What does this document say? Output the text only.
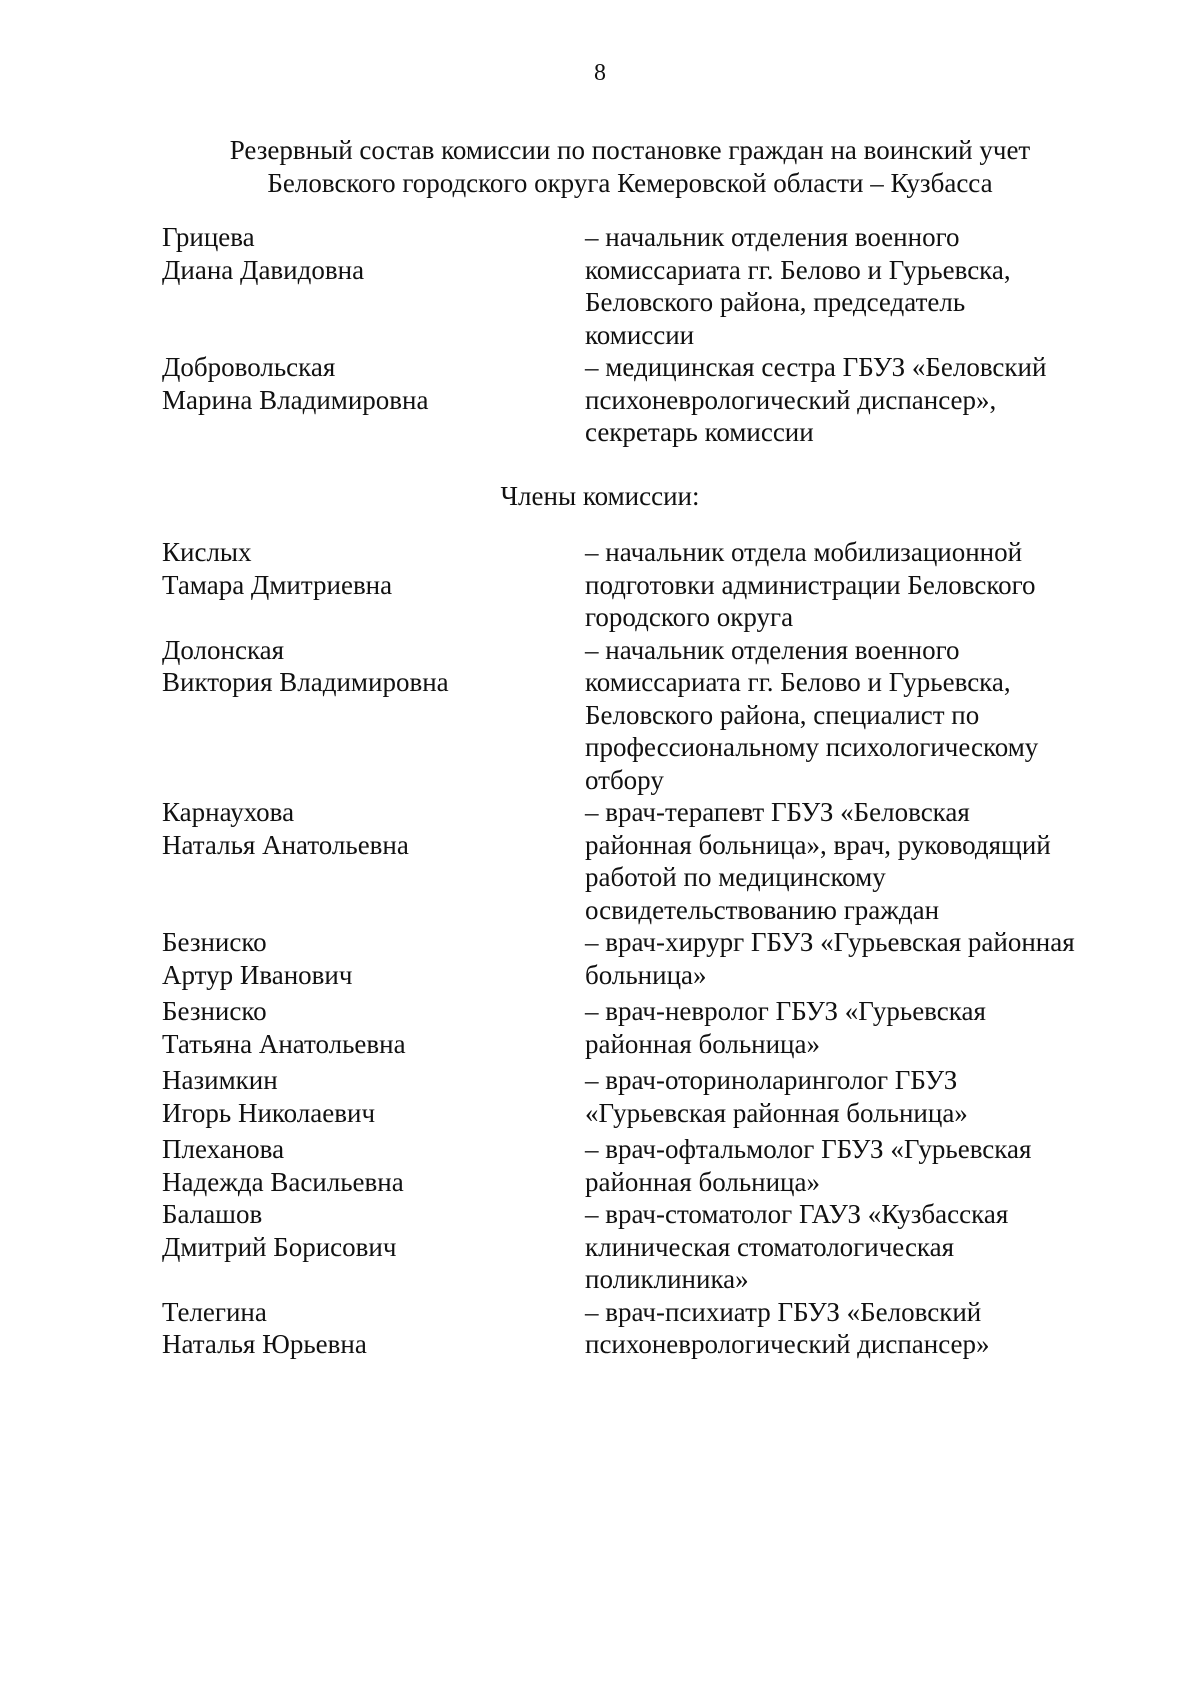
8
Резервный состав комиссии по постановке граждан на воинский учет
Беловского городского округа Кемеровской области – Кузбасса
Грицева
Диана Давидовна
– начальник отделения военного
комиссариата гг. Белово и Гурьевска,
Беловского района, председатель
комиссии
Добровольская
Марина Владимировна
– медицинская сестра ГБУЗ «Беловский
психоневрологический диспансер»,
секретарь комиссии
Члены комиссии:
Кислых
Тамара Дмитриевна
– начальник отдела мобилизационной
подготовки администрации Беловского
городского округа
Долонская
Виктория Владимировна
– начальник отделения военного
комиссариата гг. Белово и Гурьевска,
Беловского района, специалист по
профессиональному психологическому
отбору
Карнаухова
Наталья Анатольевна
– врач-терапевт ГБУЗ «Беловская
районная больница», врач, руководящий
работой по медицинскому
освидетельствованию граждан
Безниско
Артур Иванович
– врач-хирург ГБУЗ «Гурьевская районная
больница»
Безниско
Татьяна Анатольевна
– врач-невролог ГБУЗ «Гурьевская
районная больница»
Назимкин
Игорь Николаевич
– врач-оториноларинголог ГБУЗ
«Гурьевская районная больница»
Плеханова
Надежда Васильевна
– врач-офтальмолог ГБУЗ «Гурьевская
районная больница»
Балашов
Дмитрий Борисович
– врач-стоматолог ГАУЗ «Кузбасская
клиническая стоматологическая
поликлиника»
Телегина
Наталья Юрьевна
– врач-психиатр ГБУЗ «Беловский
психоневрологический диспансер»
